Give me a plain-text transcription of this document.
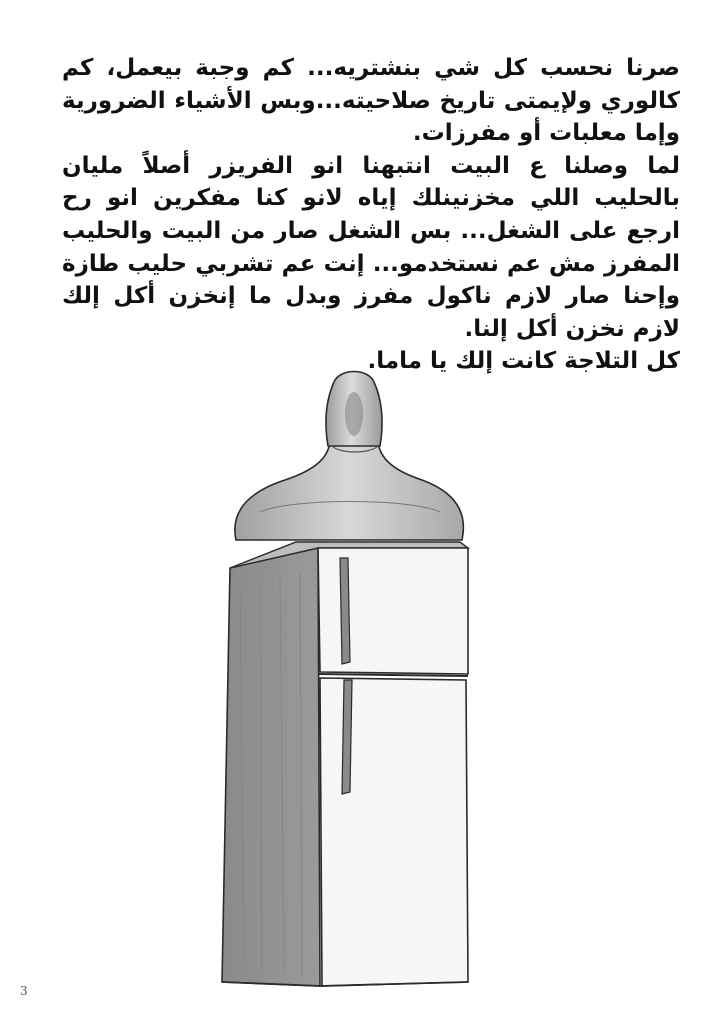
صرنا نحسب كل شي بنشتريه... كم وجبة بيعمل، كم كالوري ولإيمتى تاريخ صلاحيته...وبس الأشياء الضرورية وإما معلبات أو مفرزات.

لما وصلنا ع البيت انتبهنا انو الفريزر أصلاً مليان بالحليب اللي مخزنينلك إياه لانو كنا مفكرين انو رح ارجع على الشغل... بس الشغل صار من البيت والحليب المفرز مش عم نستخدمو... إنت عم تشربي حليب طازة وإحنا صار لازم ناكول مفرز وبدل ما إنخزن أكل إلك لازم نخزن أكل إلنا.

كل التلاجة كانت إلك يا ماما.

3
